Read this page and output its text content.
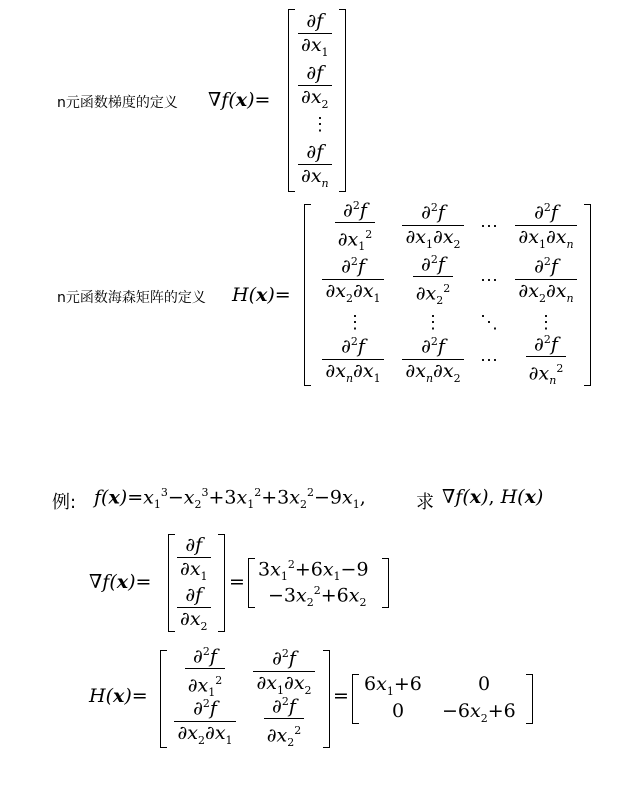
n元函数梯度的定义 ∇f(x)=
$\frac{\partial f}{\partial x_1}$
$\frac{\partial f}{\partial x_2}$
⋮
$\frac{\partial f}{\partial x_n}$
n元函数海森矩阵的定义 H(x)=
$\frac{\partial^2f}{\partial x_1^2} \frac{\partial^2f}{\partial x_1\partial x_2}$ ⋯ $\frac{\partial^2f}{\partial x_1\partial x_n}$
$\frac{\partial^2f}{\partial x_2\partial x_1} \frac{\partial^2f}{\partial x_2^2}$	⋯ $\frac{\partial^2f}{\partial x_2\partial x_n}$
⋮	⋮	⋱	⋮
$\frac{\partial^2f}{\partial x_n\partial x_1} \frac{\partial^2f}{\partial x_n\partial x_2}$ ⋯	$\frac{\partial^2f}{\partial x_n^2}$
例: $f(x)=x_1^3-x_2^3+3x_1^2+3x_2^2-9x_1$,	求 ∇f(x), H(x)
$\nabla f(x)= \frac{\partial f}{\partial x_1}$
$\frac{\partial f}{\partial x_2}$
=
$3x_1^2+6x_1-9$
$-3x_2^2+6x_2$
$H(x)= \frac{\partial^2f}{\partial x_1^2} \frac{\partial^2f}{\partial x_1\partial x_2}$
$\frac{\partial^2f}{\partial x_2\partial x_1} \frac{\partial^2f}{\partial x_2^2}$ =
$6x_1+6$	0
$0 -6x_2+6$
